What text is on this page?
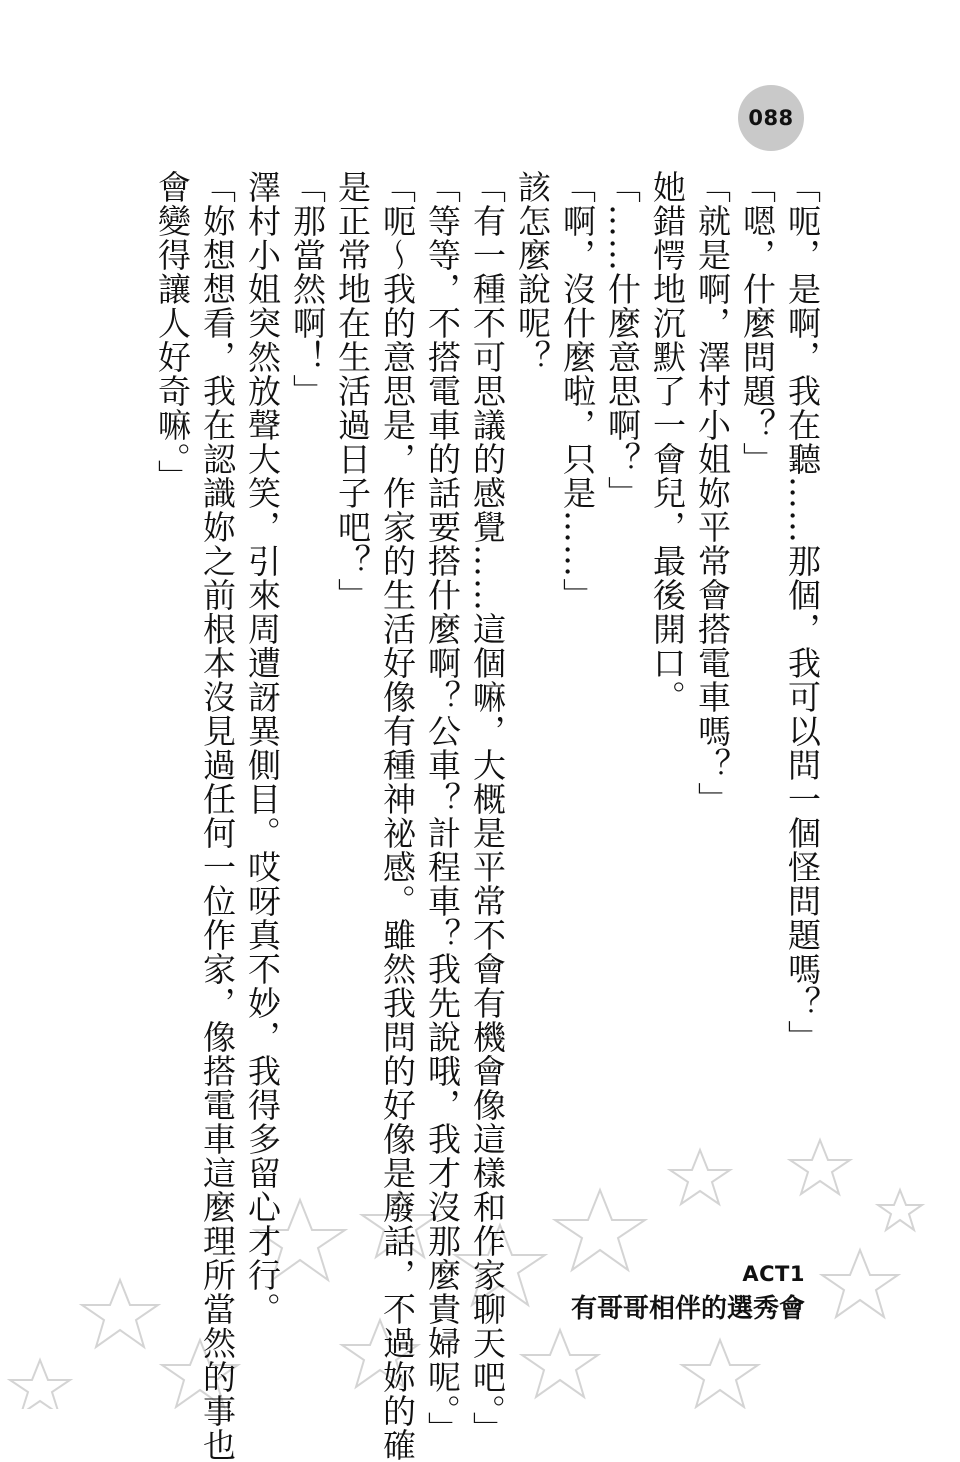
088

「呃，是啊，我在聽……那個，我可以問一個怪問題嗎？」

「嗯，什麼問題？」

「就是啊，澤村小姐妳平常會搭電車嗎？」

她錯愕地沉默了一會兒，最後開口。

「……什麼意思啊？」

「啊，沒什麼啦，只是……」

該怎麼說呢？

「有一種不可思議的感覺……這個嘛，大概是平常不會有機會像這樣和作家聊天吧。」

「等等，不搭電車的話要搭什麼啊？公車？計程車？我先說哦，我才沒那麼貴婦呢。」

「呃～我的意思是，作家的生活好像有種神祕感。雖然我問的好像是廢話，不過妳的確

是正常地在生活過日子吧？」

「那當然啊！」

澤村小姐突然放聲大笑，引來周遭訝異側目。哎呀真不妙，我得多留心才行。

「妳想想看，我在認識妳之前根本沒見過任何一位作家，像搭電車這麼理所當然的事也

會變得讓人好奇嘛。」

ACT1
有哥哥相伴的選秀會
